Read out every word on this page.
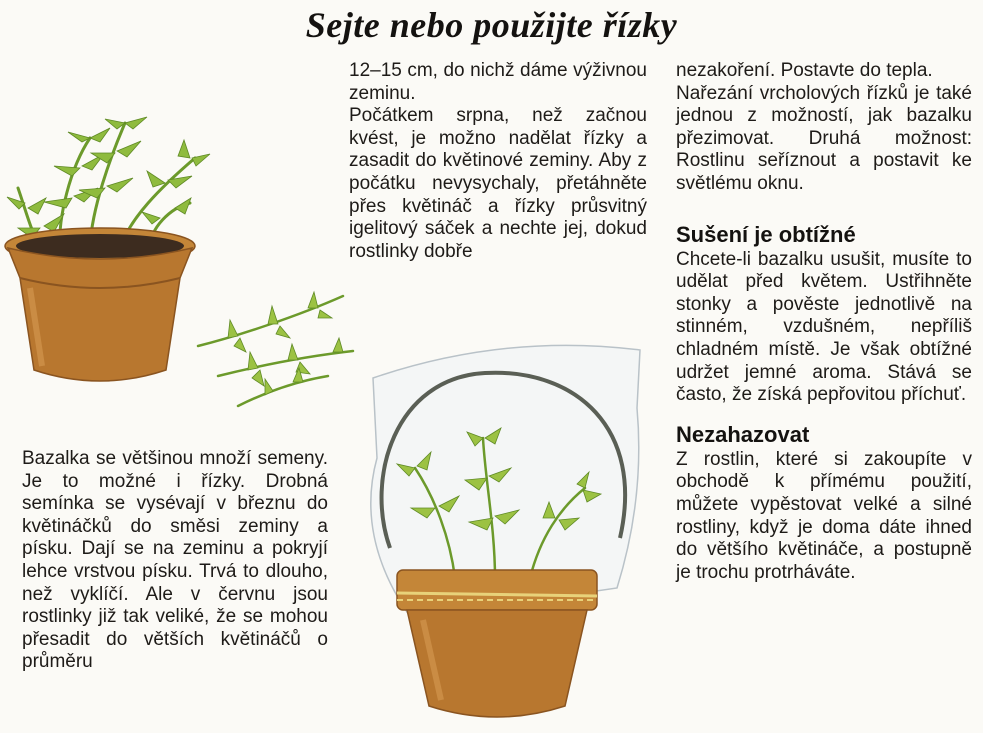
Sejte nebo použijte řízky

Bazalka se většinou množí semeny. Je to možné i řízky. Drobná semínka se vysévají v březnu do květináčků do směsi zeminy a písku. Dají se na zeminu a pokryjí lehce vrstvou písku. Trvá to dlouho, než vyklíčí. Ale v červnu jsou rostlinky již tak veliké, že se mohou přesadit do větších květináčů o průměru

12–15 cm, do nichž dáme výživnou zeminu.

Počátkem srpna, než začnou kvést, je možno nadělat řízky a zasadit do květinové zeminy. Aby z počátku nevysychaly, přetáhněte přes květináč a řízky průsvitný igelitový sáček a nechte jej, dokud rostlinky dobře

nezakoření. Postavte do tepla.

Nařezání vrcholových řízků je také jednou z možností, jak bazalku přezimovat. Druhá možnost: Rostlinu seříznout a postavit ke světlému oknu.

Sušení je obtížné

Chcete-li bazalku usušit, musíte to udělat před květem. Ustřihněte stonky a pověste jednotlivě na stinném, vzdušném, nepříliš chladném místě. Je však obtížné udržet jemné aroma. Stává se často, že získá pepřovitou příchuť.

Nezahazovat

Z rostlin, které si zakoupíte v obchodě k přímému použití, můžete vypěstovat velké a silné rostliny, když je doma dáte ihned do většího květináče, a postupně je trochu protrháváte.
